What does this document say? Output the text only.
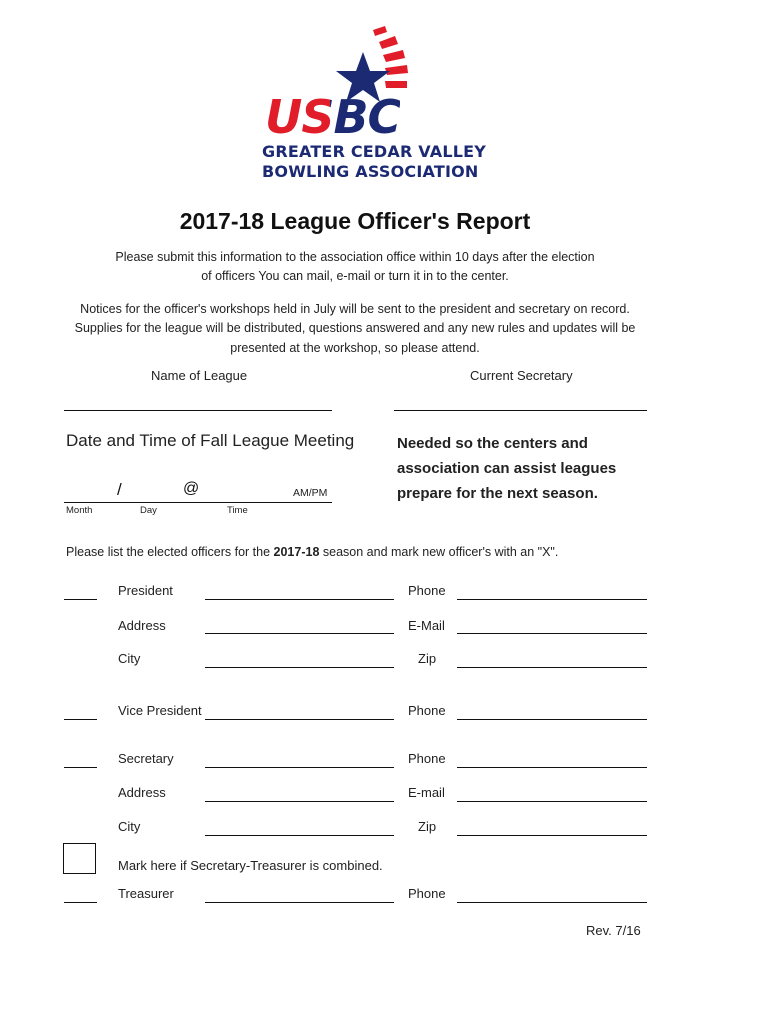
USBC
GREATER CEDAR VALLEY
BOWLING ASSOCIATION
2017-18 League Officer's Report
Please submit this information to the association office within 10 days after the election
of officers You can mail, e-mail or turn it in to the center.
Notices for the officer's workshops held in July will be sent to the president and secretary on record.
Supplies for the league will be distributed, questions answered and any new rules and updates will be
presented at the workshop, so please attend.
Name of League	Current Secretary
Date and Time of Fall League Meeting
/	@	AM/PM
Month	Day	Time
Needed so the centers and
association can assist leagues
prepare for the next season.
Please list the elected officers for the 2017-18 season and mark new officer's with an "X".
President	Phone
Address	E-Mail
City	Zip
Vice President	Phone
Secretary	Phone
Address	E-mail
City	Zip
Mark here if Secretary-Treasurer is combined.
Treasurer	Phone
Rev. 7/16
